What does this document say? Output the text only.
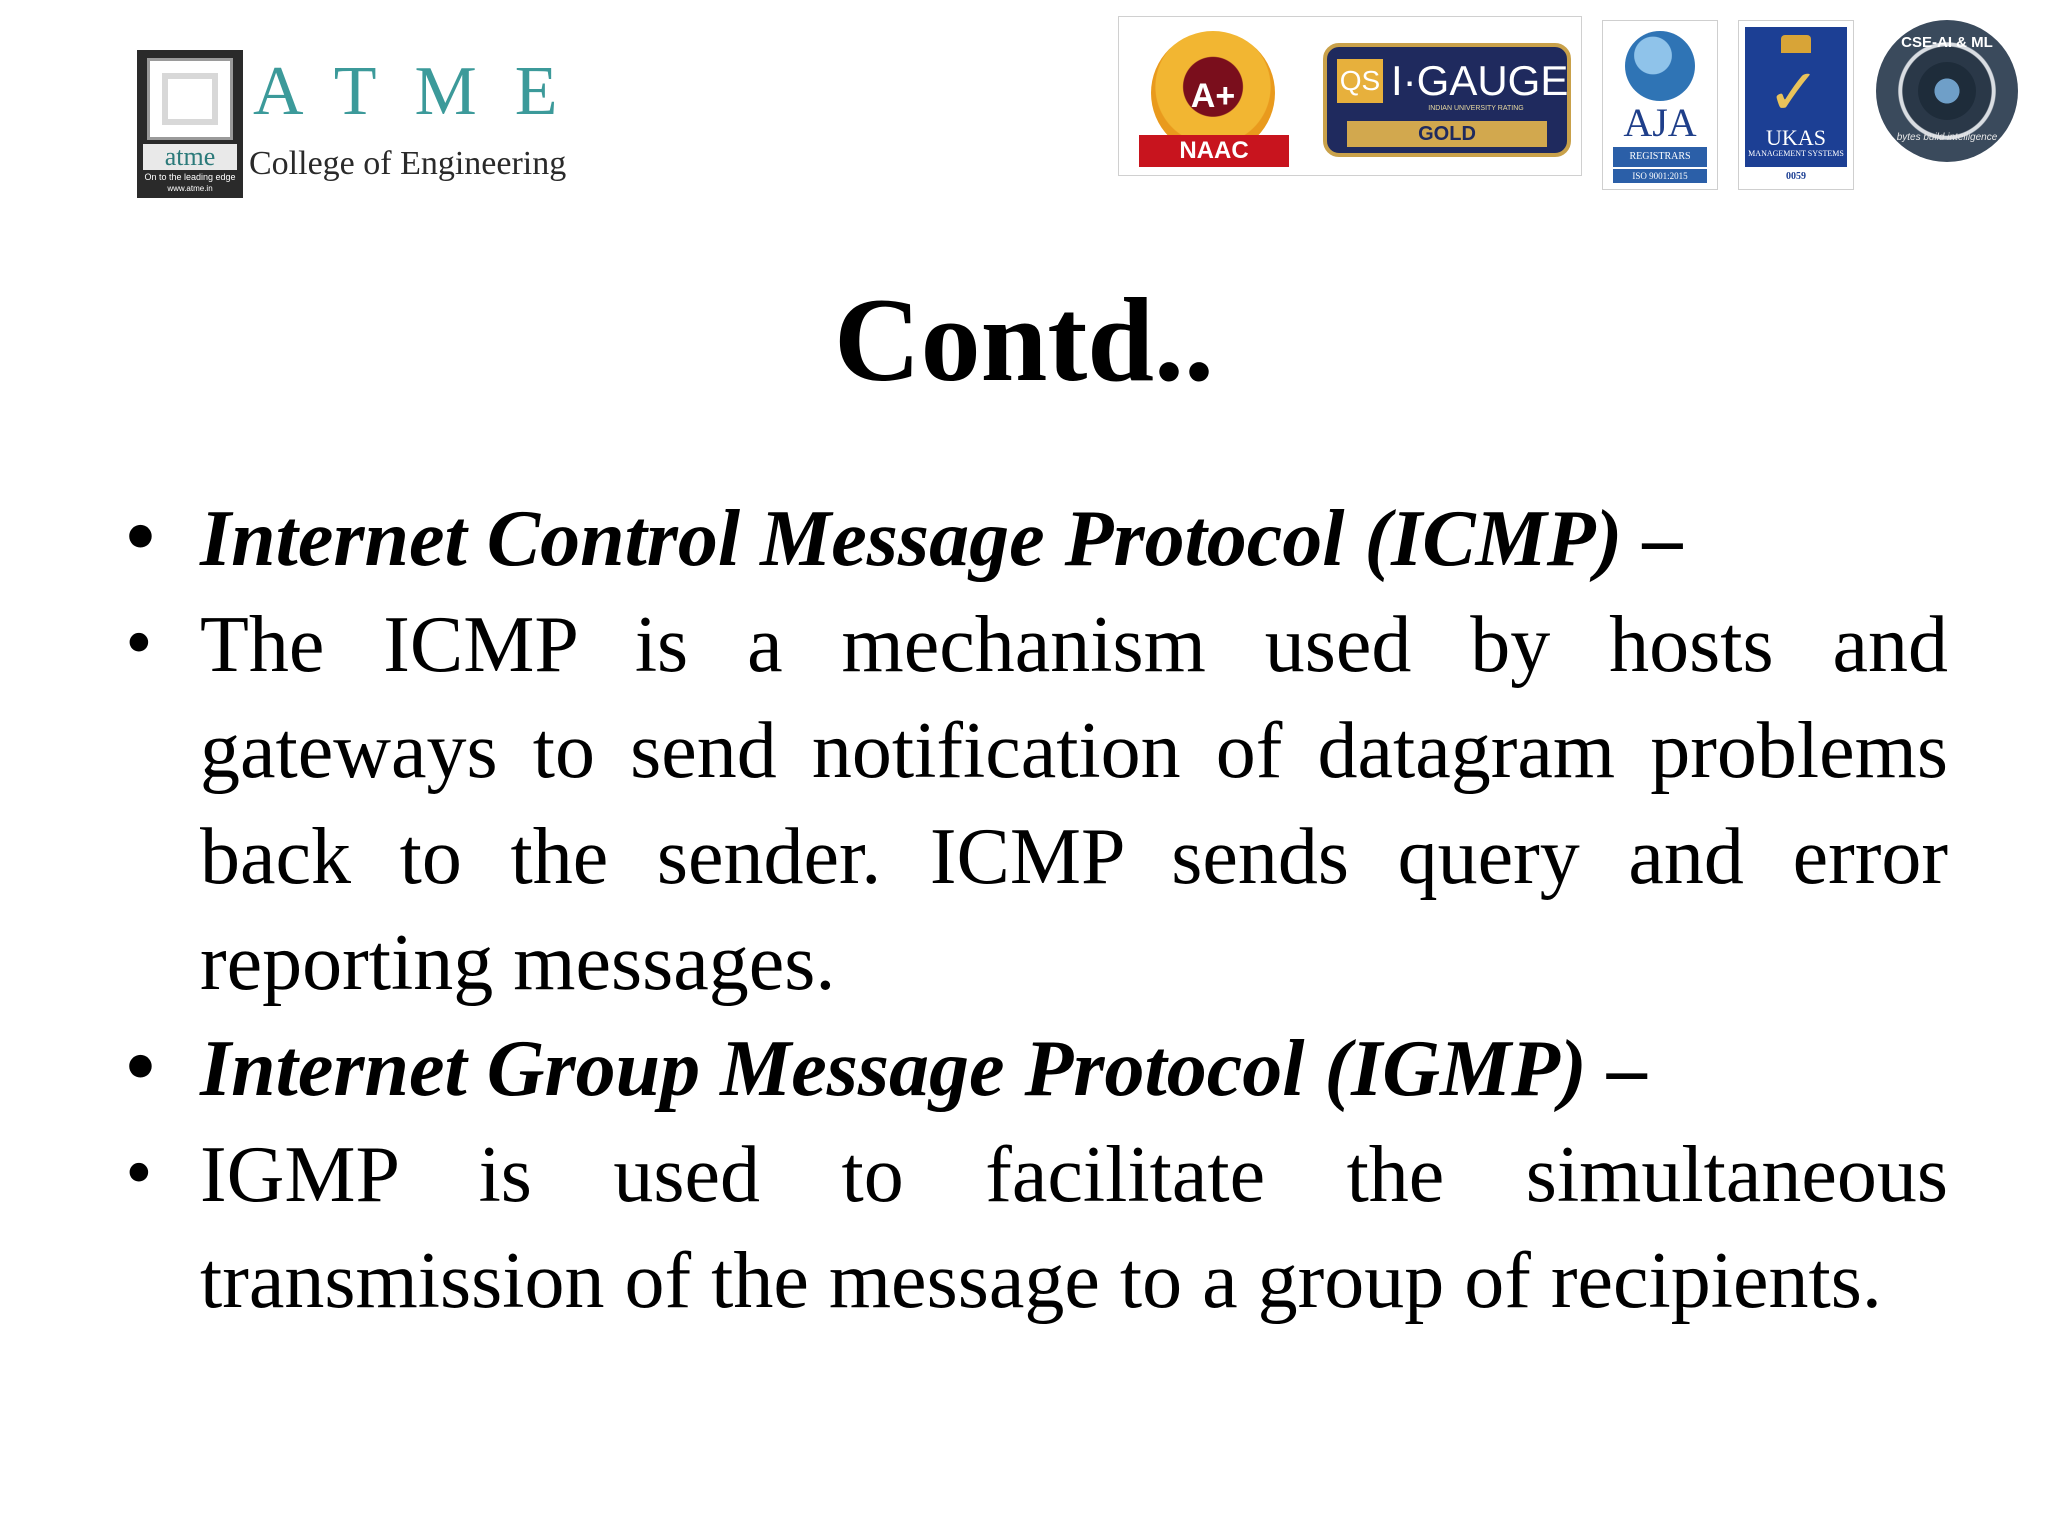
atme
On to the leading edge
www.atme.in
ATME
College of Engineering
A+
NAAC
QS I·GAUGE
INDIAN UNIVERSITY RATING
GOLD	AJA
REGISTRARS
ISO 9001:2015
✓
UKAS
MANAGEMENT SYSTEMS
0059
CSE-AI & ML
bytes build intelligence
Contd..
• Internet Control Message Protocol (ICMP) –
• The ICMP is a mechanism used by hosts and gateways to send notification of datagram problems back to the sender. ICMP sends query and error reporting messages.
• Internet Group Message Protocol (IGMP) –
• IGMP is used to facilitate the simultaneous transmission of the message to a group of recipients.
